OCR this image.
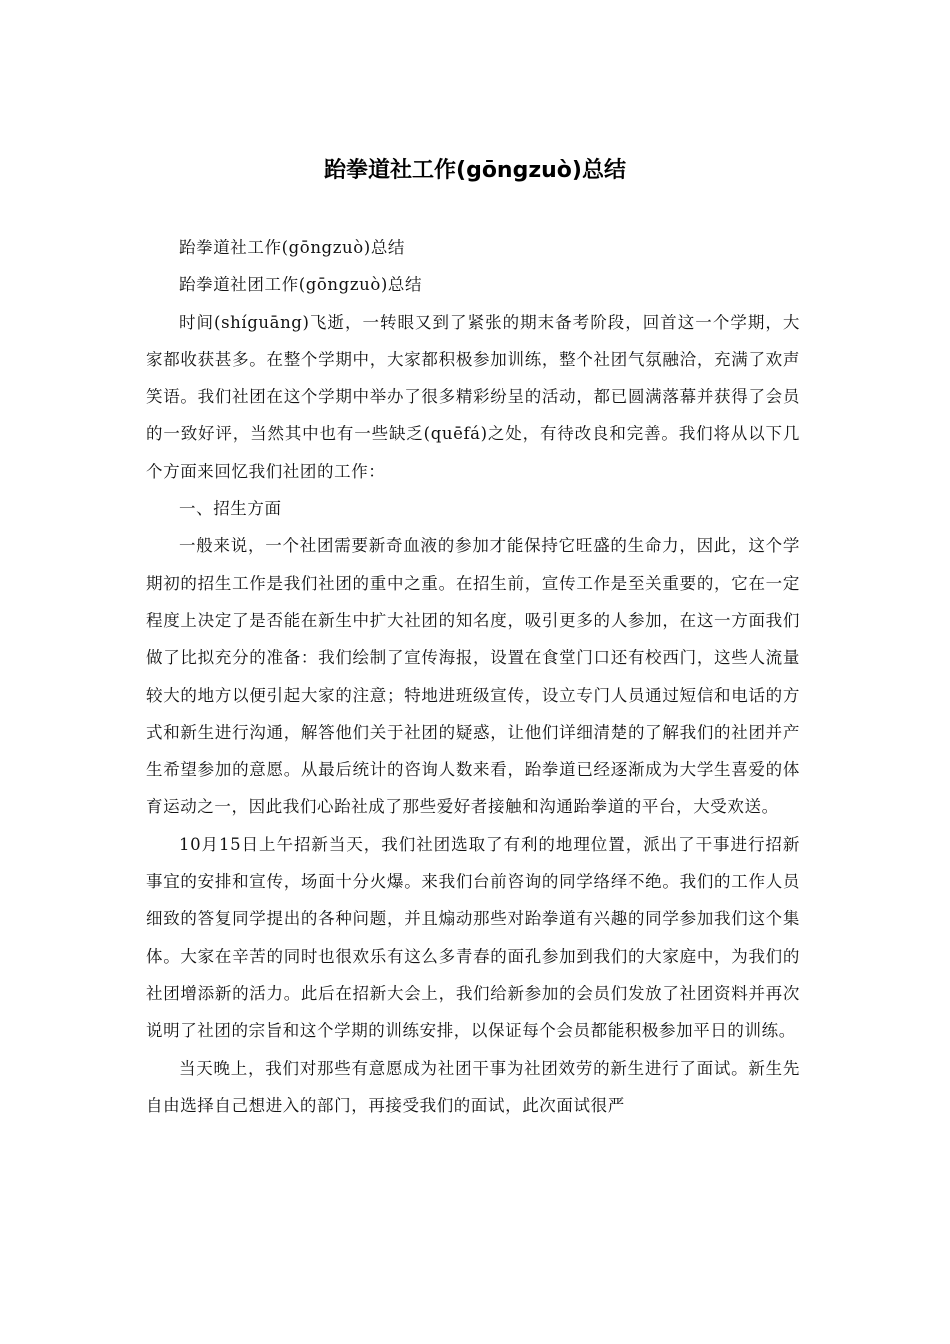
跆拳道社工作(gōngzuò)总结

跆拳道社工作(gōngzuò)总结

跆拳道社团工作(gōngzuò)总结

时间(shíguāng)飞逝，一转眼又到了紧张的期末备考阶段，回首这一个学期，大家都收获甚多。在整个学期中，大家都积极参加训练，整个社团气氛融洽，充满了欢声笑语。我们社团在这个学期中举办了很多精彩纷呈的活动，都已圆满落幕并获得了会员的一致好评，当然其中也有一些缺乏(quēfá)之处，有待改良和完善。我们将从以下几个方面来回忆我们社团的工作：

一、招生方面

一般来说，一个社团需要新奇血液的参加才能保持它旺盛的生命力，因此，这个学期初的招生工作是我们社团的重中之重。在招生前，宣传工作是至关重要的，它在一定程度上决定了是否能在新生中扩大社团的知名度，吸引更多的人参加，在这一方面我们做了比拟充分的准备：我们绘制了宣传海报，设置在食堂门口还有校西门，这些人流量较大的地方以便引起大家的注意；特地进班级宣传，设立专门人员通过短信和电话的方式和新生进行沟通，解答他们关于社团的疑惑，让他们详细清楚的了解我们的社团并产生希望参加的意愿。从最后统计的咨询人数来看，跆拳道已经逐渐成为大学生喜爱的体育运动之一，因此我们心跆社成了那些爱好者接触和沟通跆拳道的平台，大受欢送。

10月15日上午招新当天，我们社团选取了有利的地理位置，派出了干事进行招新事宜的安排和宣传，场面十分火爆。来我们台前咨询的同学络绎不绝。我们的工作人员细致的答复同学提出的各种问题，并且煽动那些对跆拳道有兴趣的同学参加我们这个集体。大家在辛苦的同时也很欢乐有这么多青春的面孔参加到我们的大家庭中，为我们的社团增添新的活力。此后在招新大会上，我们给新参加的会员们发放了社团资料并再次说明了社团的宗旨和这个学期的训练安排，以保证每个会员都能积极参加平日的训练。

当天晚上，我们对那些有意愿成为社团干事为社团效劳的新生进行了面试。新生先自由选择自己想进入的部门，再接受我们的面试，此次面试很严
